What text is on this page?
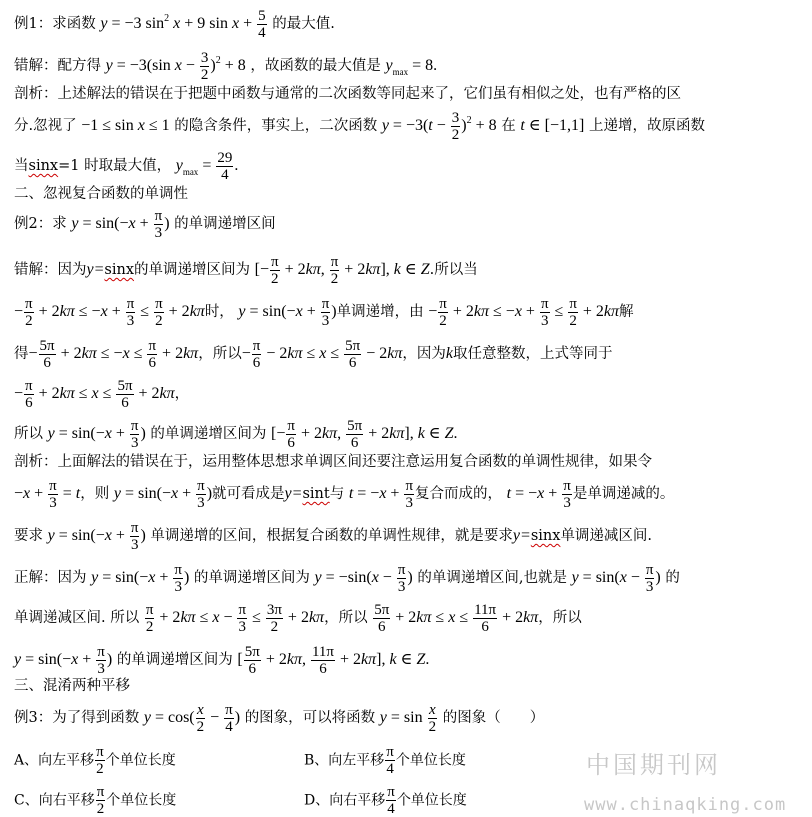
例1：求函数 y = −3 $\sin^2 x + 9$ $\sin x + \frac{5}{4}$ 的最大值.
错解：配方得 y = −3(sin $x - \frac{3}{2} )^2 + 8$ ，故函数的最大值是 $y_{max} = 8$.
剖析：上述解法的错误在于把题中函数与通常的二次函数等同起来了，它们虽有相似之处，也有严格的区
分.忽视了 −1 ≤ sin x ≤ 1 的隐含条件，事实上，二次函数 $y = -3(t - \frac{3}{2} )^2 + 8$ 在 t ∈ [−1,1] 上递增，故原函数
当sinx=1 时取最大值， $y_{max} = \frac{29}{4}$ .
二、忽视复合函数的单调性
例2：求 $y = \sin(-x + \frac{\pi}{3}$ ) 的单调递增区间
错解：因为y=sinx的单调递增区间为 [− $\frac{\pi}{2} + 2k\pi$, $\frac{\pi}{2} + 2k\pi$], k ∈ Z.所以当
− $\frac{\pi}{2} + 2k\pi \le -x + \frac{\pi}{3} \le \frac{\pi}{2} + 2k\pi$时， $y = \sin(-x + \frac{\pi}{3}$ )单调递增，由 − $\frac{\pi}{2} + 2k\pi \le -x + \frac{\pi}{3} \le \frac{\pi}{2} + 2k\pi$解
得− $\frac{5\pi}{6} + 2k\pi \le -x \le \frac{\pi}{6} + 2k\pi$，所以− $\frac{\pi}{6} - 2k\pi \le x \le \frac{5\pi}{6} - 2k\pi$，因为k取任意整数，上式等同于
− $\frac{\pi}{6} + 2k\pi \le x \le \frac{5\pi}{6} + 2k\pi$，
所以 $y = \sin(-x + \frac{\pi}{3}$ ) 的单调递增区间为 [− $\frac{\pi}{6} + 2k\pi$, $\frac{5\pi}{6} + 2k\pi$], k ∈ Z.
剖析：上面解法的错误在于，运用整体思想求单调区间还要注意运用复合函数的单调性规律，如果令
$-x + \frac{\pi}{3} = t$，则 $y = \sin(-x + \frac{\pi}{3}$ )就可看成是y=sint与 $t = -x + \frac{\pi}{3}$ 复合而成的， $t = -x + \frac{\pi}{3}$ 是单调递减的。
要求 $y = \sin(-x + \frac{\pi}{3}$ ) 单调递增的区间，根据复合函数的单调性规律，就是要求y=sinx单调递减区间.
正解：因为 $y = \sin(-x + \frac{\pi}{3}$ ) 的单调递增区间为 $y = -\sin(x - \frac{\pi}{3}$ ) 的单调递增区间,也就是 $y = \sin(x - \frac{\pi}{3}$ ) 的
单调递减区间. 所以 $\frac{\pi}{2} + 2k\pi \le x - \frac{\pi}{3} \le \frac{3\pi}{2} + 2k\pi$，所以 $\frac{5\pi}{6} + 2k\pi \le x \le \frac{11\pi}{6} + 2k\pi$，所以
$y = \sin(-x + \frac{\pi}{3}$ ) 的单调递增区间为 [ $\frac{5\pi}{6} + 2k\pi$, $\frac{11\pi}{6} + 2k\pi$], k ∈ Z.
三、混淆两种平移
例3：为了得到函数 $y = \cos( \frac{x}{2} - \frac{\pi}{4}$ ) 的图象，可以将函数 $y = \sin \frac{x}{2}$ 的图象（　　）
A、向左平移 $\frac{\pi}{2}$ 个单位长度	B、向左平移 $\frac{\pi}{4}$ 个单位长度
C、向右平移 $\frac{\pi}{2}$ 个单位长度	D、向右平移 $\frac{\pi}{4}$ 个单位长度
中国期刊网
www.chinaqking.com
